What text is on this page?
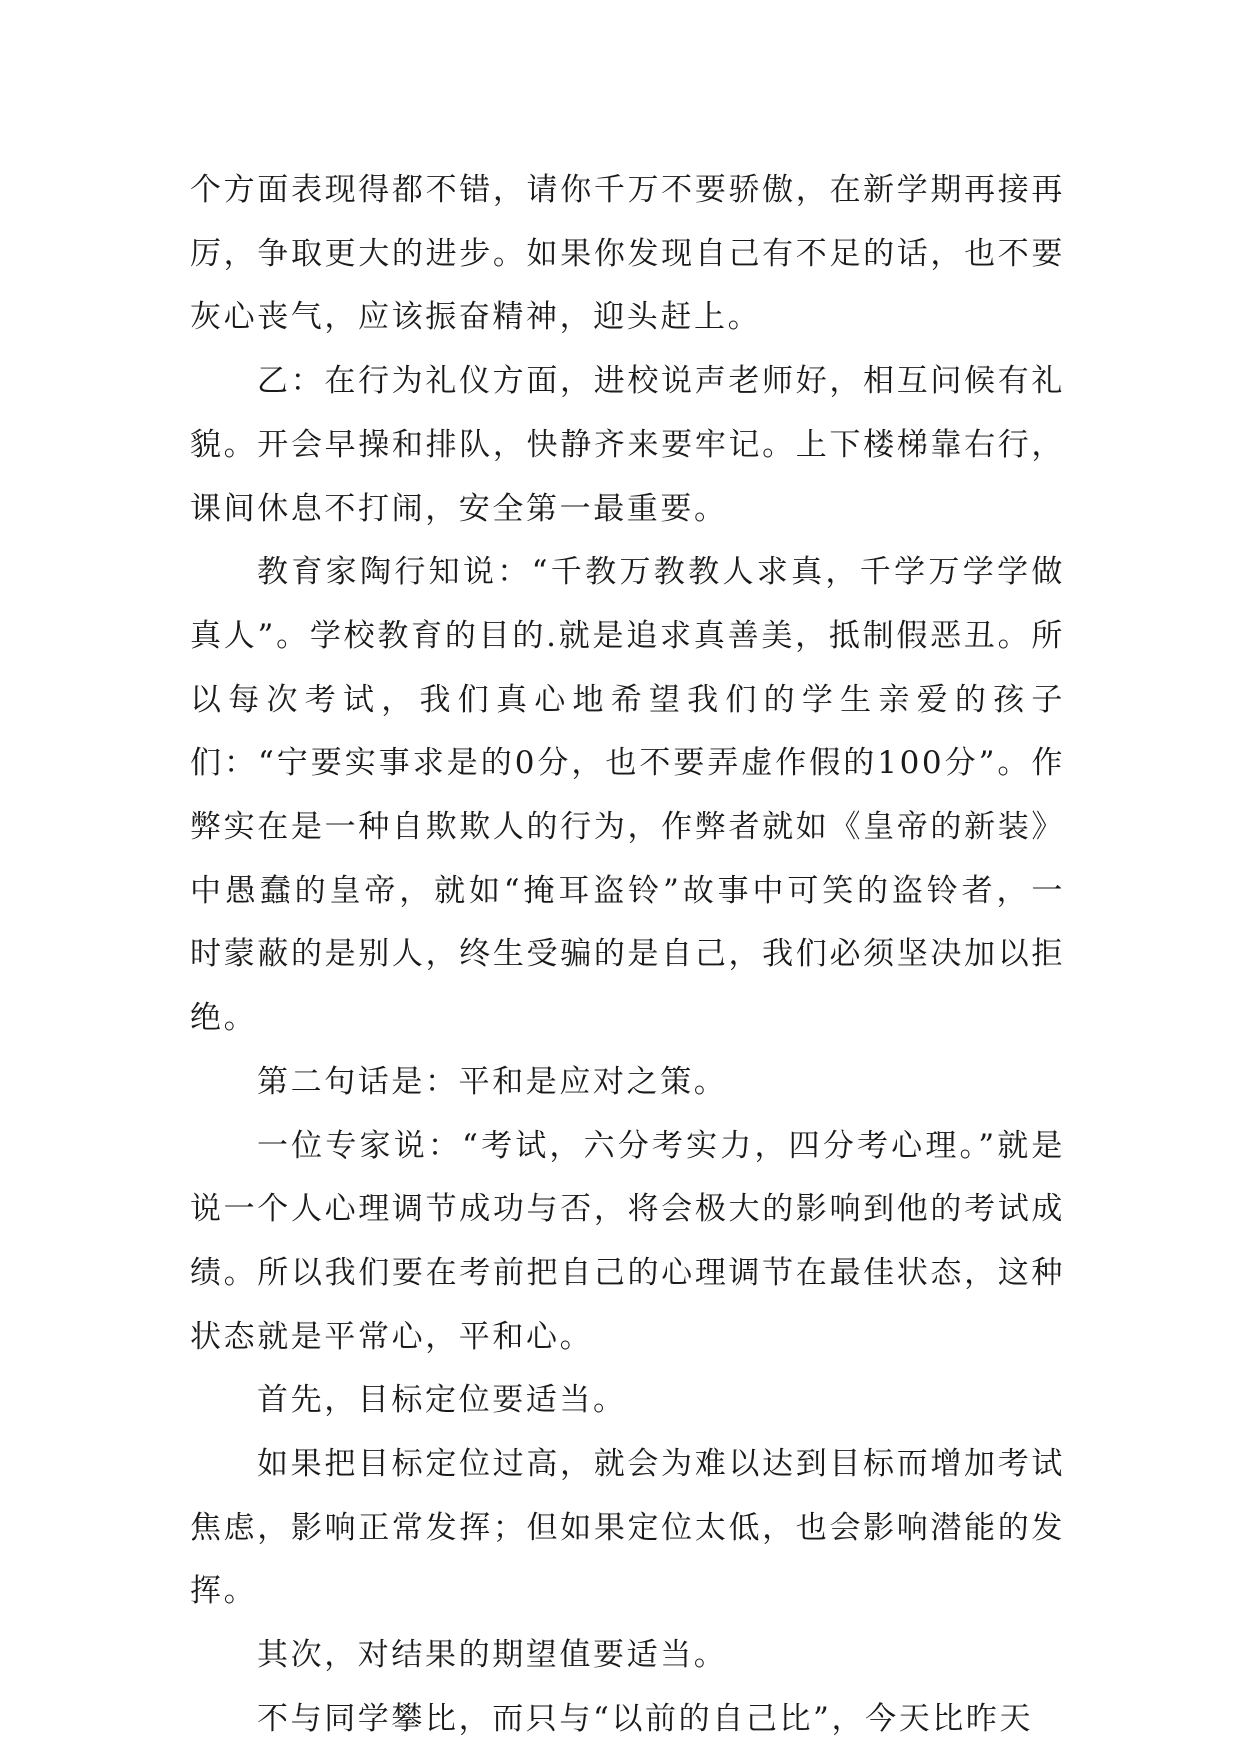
个方面表现得都不错，请你千万不要骄傲，在新学期再接再厉，争取更大的进步。如果你发现自己有不足的话，也不要灰心丧气，应该振奋精神，迎头赶上。

乙：在行为礼仪方面，进校说声老师好，相互问候有礼貌。开会早操和排队，快静齐来要牢记。上下楼梯靠右行，课间休息不打闹，安全第一最重要。

教育家陶行知说：“千教万教教人求真，千学万学学做真人”。学校教育的目的.就是追求真善美，抵制假恶丑。所以每次考试，我们真心地希望我们的学生亲爱的孩子们：“宁要实事求是的0分，也不要弄虚作假的100分”。作弊实在是一种自欺欺人的行为，作弊者就如《皇帝的新装》中愚蠢的皇帝，就如“掩耳盗铃”故事中可笑的盗铃者，一时蒙蔽的是别人，终生受骗的是自己，我们必须坚决加以拒绝。

第二句话是：平和是应对之策。

一位专家说：“考试，六分考实力，四分考心理。”就是说一个人心理调节成功与否，将会极大的影响到他的考试成绩。所以我们要在考前把自己的心理调节在最佳状态，这种状态就是平常心，平和心。

首先，目标定位要适当。

如果把目标定位过高，就会为难以达到目标而增加考试焦虑，影响正常发挥；但如果定位太低，也会影响潜能的发挥。

其次，对结果的期望值要适当。

不与同学攀比，而只与“以前的自己比”，今天比昨天
